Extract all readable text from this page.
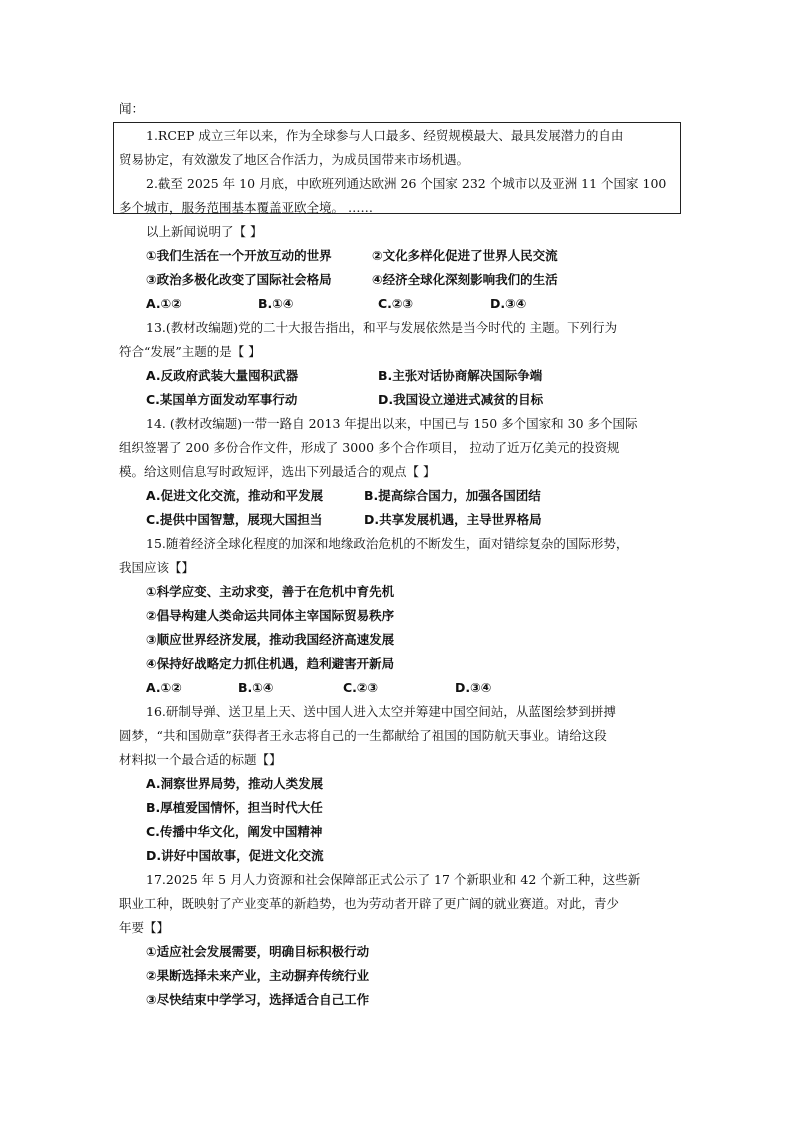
闻：
1.RCEP 成立三年以来，作为全球参与人口最多、经贸规模最大、最具发展潜力的自由
贸易协定，有效激发了地区合作活力，为成员国带来市场机遇。
2.截至 2025 年 10 月底，中欧班列通达欧洲 26 个国家 232 个城市以及亚洲 11 个国家 100
多个城市，服务范围基本覆盖亚欧全境。 ……
以上新闻说明了【 】
①我们生活在一个开放互动的世界	②文化多样化促进了世界人民交流
③政治多极化改变了国际社会格局	④经济全球化深刻影响我们的生活
A.①②	B.①④	C.②③	D.③④
13.(教材改编题)党的二十大报告指出，和平与发展依然是当今时代的 主题。下列行为
符合“发展”主题的是【 】
A.反政府武装大量囤积武器	B.主张对话协商解决国际争端
C.某国单方面发动军事行动	D.我国设立递进式减贫的目标
14. (教材改编题)一带一路自 2013 年提出以来，中国已与 150 多个国家和 30 多个国际
组织签署了 200 多份合作文件，形成了 3000 多个合作项目， 拉动了近万亿美元的投资规
模。给这则信息写时政短评，选出下列最适合的观点【 】
A.促进文化交流，推动和平发展	B.提高综合国力，加强各国团结
C.提供中国智慧，展现大国担当	D.共享发展机遇，主导世界格局
15.随着经济全球化程度的加深和地缘政治危机的不断发生，面对错综复杂的国际形势，
我国应该【】
①科学应变、主动求变，善于在危机中育先机
②倡导构建人类命运共同体主宰国际贸易秩序
③顺应世界经济发展，推动我国经济高速发展
④保持好战略定力抓住机遇，趋利避害开新局
A.①②	B.①④	C.②③	D.③④
16.研制导弹、送卫星上天、送中国人进入太空并筹建中国空间站，从蓝图绘梦到拼搏
圆梦，“共和国勋章”获得者王永志将自己的一生都献给了祖国的国防航天事业。请给这段
材料拟一个最合适的标题【】
A.洞察世界局势，推动人类发展
B.厚植爱国情怀，担当时代大任
C.传播中华文化，阐发中国精神
D.讲好中国故事，促进文化交流
17.2025 年 5 月人力资源和社会保障部正式公示了 17 个新职业和 42 个新工种，这些新
职业工种，既映射了产业变革的新趋势，也为劳动者开辟了更广阔的就业赛道。对此，青少
年要【】
①适应社会发展需要，明确目标积极行动
②果断选择未来产业，主动摒弃传统行业
③尽快结束中学学习，选择适合自己工作
